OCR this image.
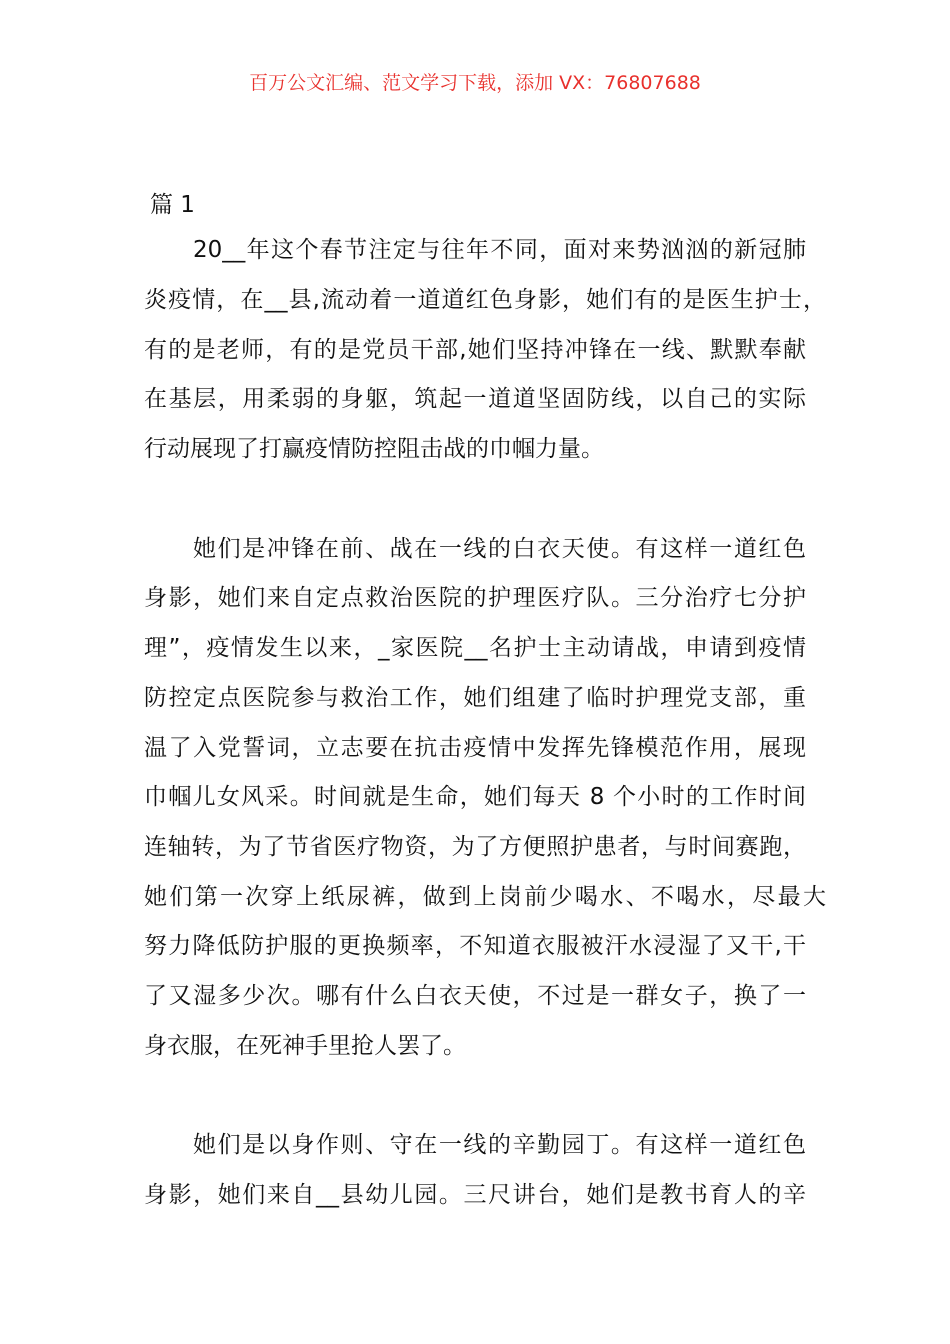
百万公文汇编、范文学习下载，添加 VX：76807688
篇 1
20__年这个春节注定与往年不同，面对来势汹汹的新冠肺
炎疫情，在__县,流动着一道道红色身影，她们有的是医生护士，
有的是老师，有的是党员干部,她们坚持冲锋在一线、默默奉献
在基层，用柔弱的身躯，筑起一道道坚固防线，以自己的实际
行动展现了打赢疫情防控阻击战的巾帼力量。
她们是冲锋在前、战在一线的白衣天使。有这样一道红色
身影，她们来自定点救治医院的护理医疗队。三分治疗七分护
理”，疫情发生以来，_家医院__名护士主动请战，申请到疫情
防控定点医院参与救治工作，她们组建了临时护理党支部，重
温了入党誓词，立志要在抗击疫情中发挥先锋模范作用，展现
巾帼儿女风采。时间就是生命，她们每天 8 个小时的工作时间
连轴转，为了节省医疗物资，为了方便照护患者，与时间赛跑，
她们第一次穿上纸尿裤，做到上岗前少喝水、不喝水，尽最大
努力降低防护服的更换频率，不知道衣服被汗水浸湿了又干,干
了又湿多少次。哪有什么白衣天使，不过是一群女子，换了一
身衣服，在死神手里抢人罢了。
她们是以身作则、守在一线的辛勤园丁。有这样一道红色
身影，她们来自__县幼儿园。三尺讲台，她们是教书育人的辛
